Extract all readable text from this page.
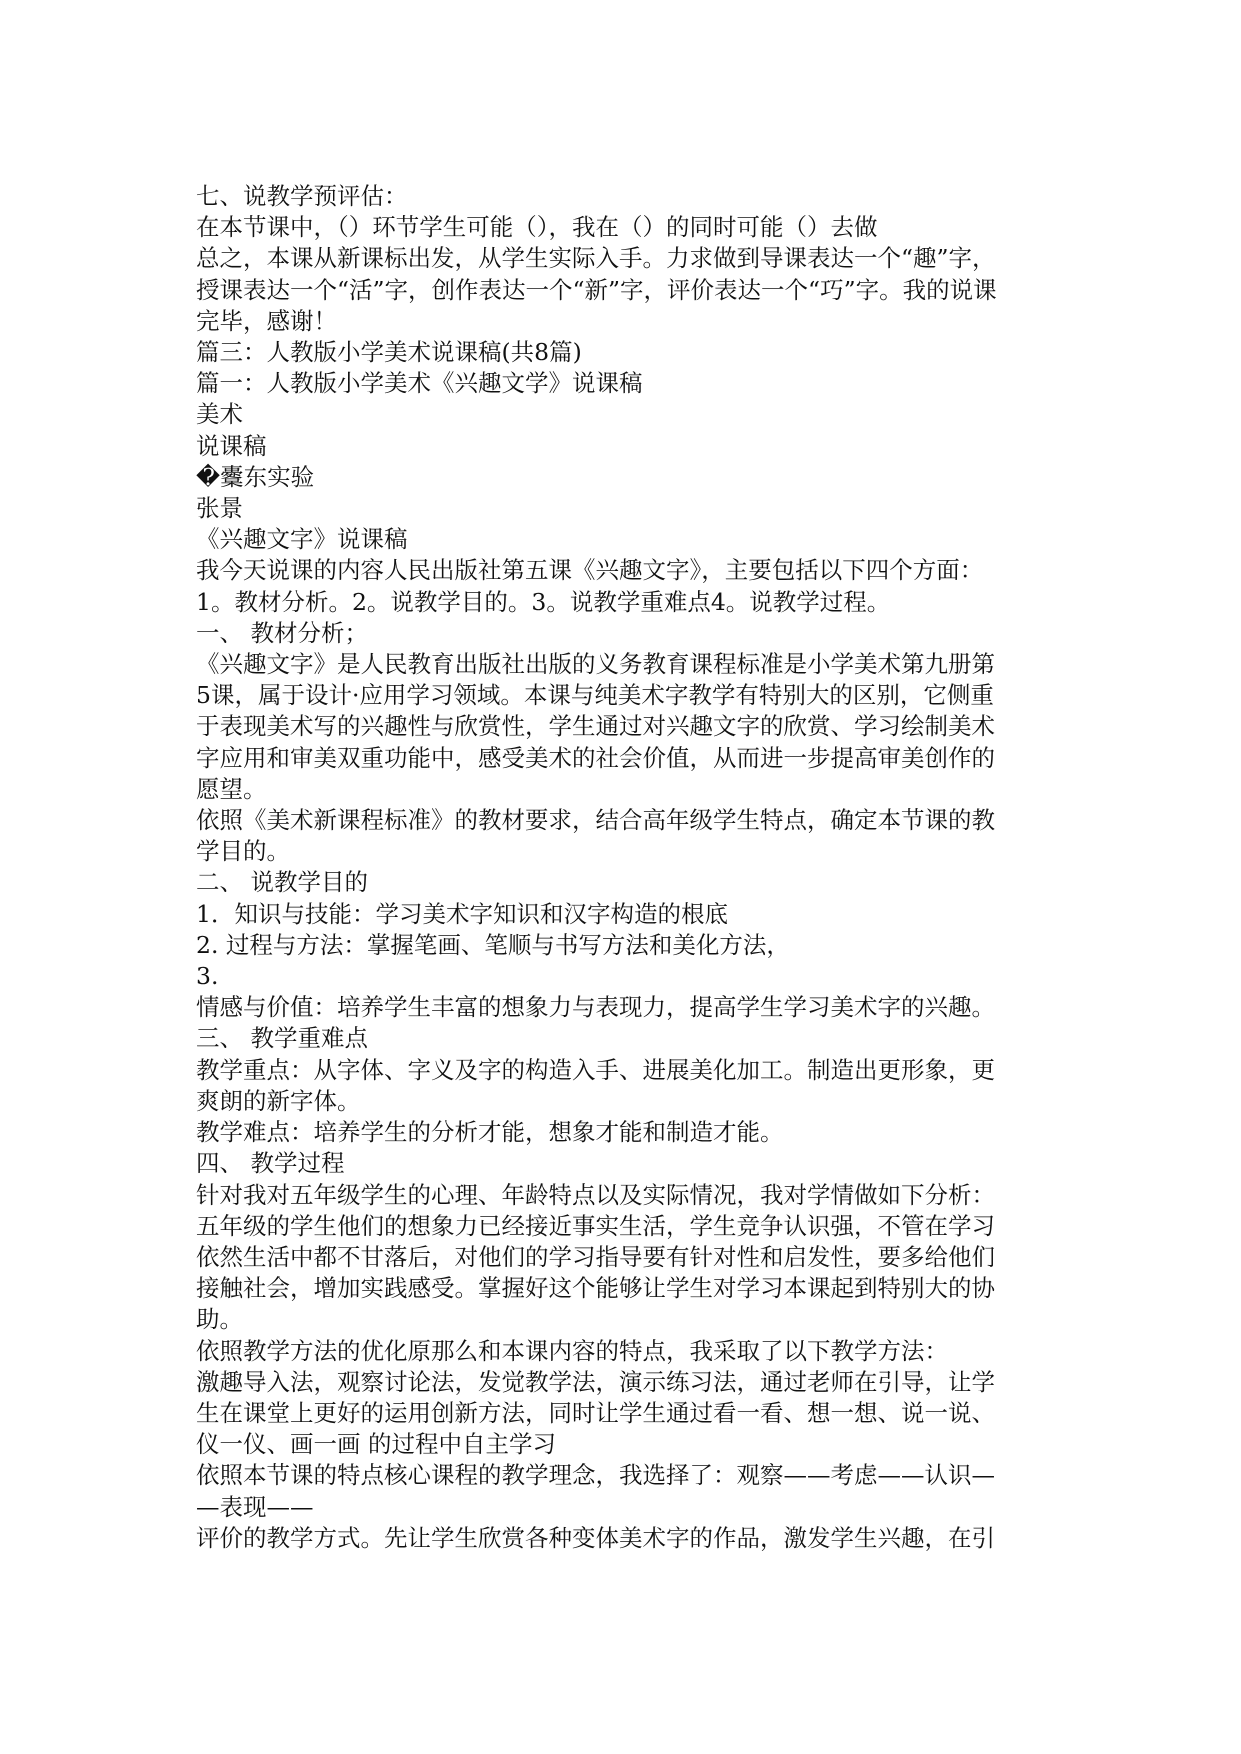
七、说教学预评估：

在本节课中，（）环节学生可能（），我在（）的同时可能（）去做

总之，本课从新课标出发，从学生实际入手。力求做到导课表达一个“趣”字，

授课表达一个“活”字，创作表达一个“新”字，评价表达一个“巧”字。我的说课

完毕，感谢！

篇三：人教版小学美术说课稿(共8篇)

篇一：人教版小学美术《兴趣文学》说课稿

美术

说课稿

�櫜东实验

张景

《兴趣文字》说课稿

我今天说课的内容人民出版社第五课《兴趣文字》，主要包括以下四个方面：

1。教材分析。2。说教学目的。3。说教学重难点4。说教学过程。

一、 教材分析；

《兴趣文字》是人民教育出版社出版的义务教育课程标准是小学美术第九册第

5课，属于设计·应用学习领域。本课与纯美术字教学有特别大的区别，它侧重

于表现美术写的兴趣性与欣赏性，学生通过对兴趣文字的欣赏、学习绘制美术

字应用和审美双重功能中，感受美术的社会价值，从而进一步提高审美创作的

愿望。

依照《美术新课程标准》的教材要求，结合高年级学生特点，确定本节课的教

学目的。

二、 说教学目的

1．知识与技能：学习美术字知识和汉字构造的根底

2. 过程与方法：掌握笔画、笔顺与书写方法和美化方法，

3.

情感与价值：培养学生丰富的想象力与表现力，提高学生学习美术字的兴趣。

三、 教学重难点

教学重点：从字体、字义及字的构造入手、进展美化加工。制造出更形象，更

爽朗的新字体。

教学难点：培养学生的分析才能，想象才能和制造才能。

四、 教学过程

针对我对五年级学生的心理、年龄特点以及实际情况，我对学情做如下分析：

五年级的学生他们的想象力已经接近事实生活，学生竞争认识强，不管在学习

依然生活中都不甘落后，对他们的学习指导要有针对性和启发性，要多给他们

接触社会，增加实践感受。掌握好这个能够让学生对学习本课起到特别大的协

助。

依照教学方法的优化原那么和本课内容的特点，我采取了以下教学方法：

激趣导入法，观察讨论法，发觉教学法，演示练习法，通过老师在引导，让学

生在课堂上更好的运用创新方法，同时让学生通过看一看、想一想、说一说、

仪一仪、画一画 的过程中自主学习

依照本节课的特点核心课程的教学理念，我选择了：观察——考虑——认识—

—表现——

评价的教学方式。先让学生欣赏各种变体美术字的作品，激发学生兴趣，在引
